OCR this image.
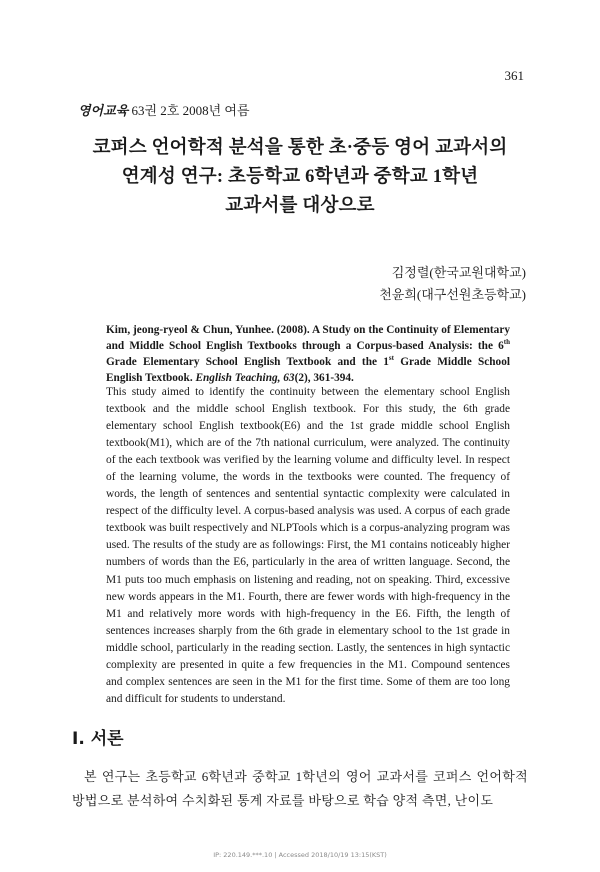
361
영어교육 63권 2호 2008년 여름
코퍼스 언어학적 분석을 통한 초·중등 영어 교과서의
연계성 연구: 초등학교 6학년과 중학교 1학년
교과서를 대상으로
김정렬(한국교원대학교)
천윤희(대구선원초등학교)
Kim, jeong-ryeol & Chun, Yunhee. (2008). A Study on the Continuity of Elementary and Middle School English Textbooks through a Corpus-based Analysis: the 6th Grade Elementary School English Textbook and the 1st Grade Middle School English Textbook. English Teaching, 63(2), 361-394.
This study aimed to identify the continuity between the elementary school English textbook and the middle school English textbook. For this study, the 6th grade elementary school English textbook(E6) and the 1st grade middle school English textbook(M1), which are of the 7th national curriculum, were analyzed. The continuity of the each textbook was verified by the learning volume and difficulty level. In respect of the learning volume, the words in the textbooks were counted. The frequency of words, the length of sentences and sentential syntactic complexity were calculated in respect of the difficulty level. A corpus-based analysis was used. A corpus of each grade textbook was built respectively and NLPTools which is a corpus-analyzing program was used. The results of the study are as followings: First, the M1 contains noticeably higher numbers of words than the E6, particularly in the area of written language. Second, the M1 puts too much emphasis on listening and reading, not on speaking. Third, excessive new words appears in the M1. Fourth, there are fewer words with high-frequency in the M1 and relatively more words with high-frequency in the E6. Fifth, the length of sentences increases sharply from the 6th grade in elementary school to the 1st grade in middle school, particularly in the reading section. Lastly, the sentences in high syntactic complexity are presented in quite a few frequencies in the M1. Compound sentences and complex sentences are seen in the M1 for the first time. Some of them are too long and difficult for students to understand.
I. 서론
본 연구는 초등학교 6학년과 중학교 1학년의 영어 교과서를 코퍼스 언어학적 방법으로 분석하여 수치화된 통계 자료를 바탕으로 학습 양적 측면, 난이도
IP: 220.149.***.10 | Accessed 2018/10/19 13:15(KST)
